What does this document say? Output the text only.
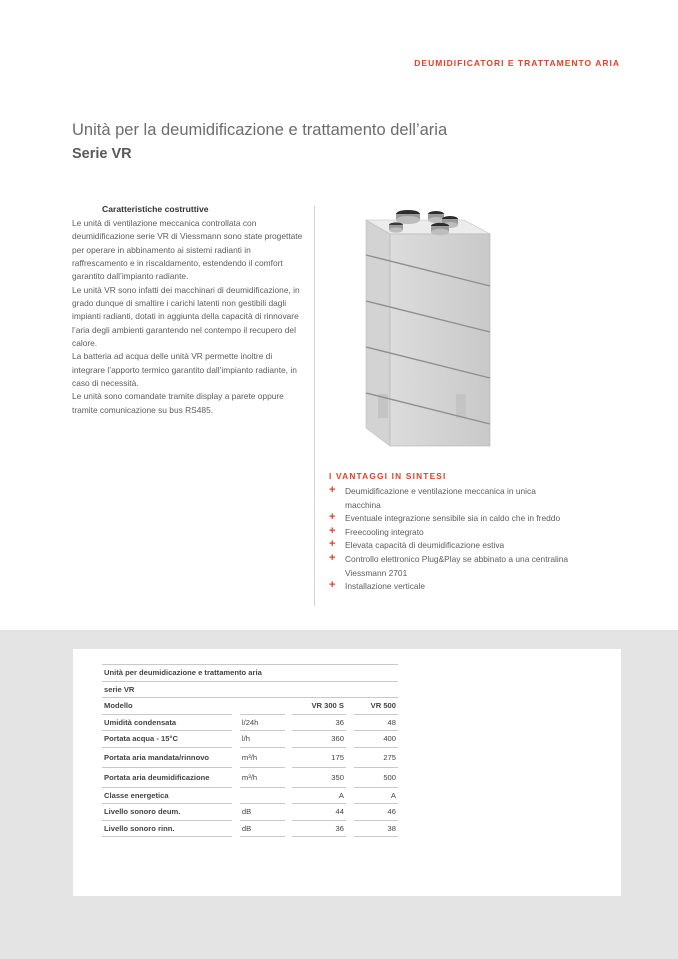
DEUMIDIFICATORI E TRATTAMENTO ARIA
Unità per la deumidificazione e trattamento dell’aria
Serie VR
Caratteristiche costruttive

Le unità di ventilazione meccanica controllata con deumidificazione serie VR di Viessmann sono state progettate per operare in abbinamento ai sistemi radianti in raffrescamento e in riscaldamento, estendendo il comfort garantito dall’impianto radiante.

Le unità VR sono infatti dei macchinari di deumidificazione, in grado dunque di smaltire i carichi latenti non gestibili dagli impianti radianti, dotati in aggiunta della capacità di rinnovare l’aria degli ambienti garantendo nel contempo il recupero del calore.

La batteria ad acqua delle unità VR permette inoltre di integrare l’apporto termico garantito dall’impianto radiante, in caso di necessità.

Le unità sono comandate tramite display a parete oppure tramite comunicazione su bus RS485.

I VANTAGGI IN SINTESI
+ Deumidificazione e ventilazione meccanica in unica macchina
+ Eventuale integrazione sensibile sia in caldo che in freddo
+ Freecooling integrato
+ Elevata capacità di deumidificazione estiva
+ Controllo elettronico Plug&Play se abbinato a una centralina Viessmann 2701
+ Installazione verticale
Unità per deumidicazione e trattamento aria						
serie VR						
Modello				VR 300 S		VR 500
Umidità condensata		l/24h		36		48
Portata acqua - 15°C		l/h		360		400
Portata aria mandata/rinnovo		m³/h		175		275
Portata aria deumidificazione		m³/h		350		500
Classe energetica				A		A
Livello sonoro deum.		dB		44		46
Livello sonoro rinn.		dB		36		38
